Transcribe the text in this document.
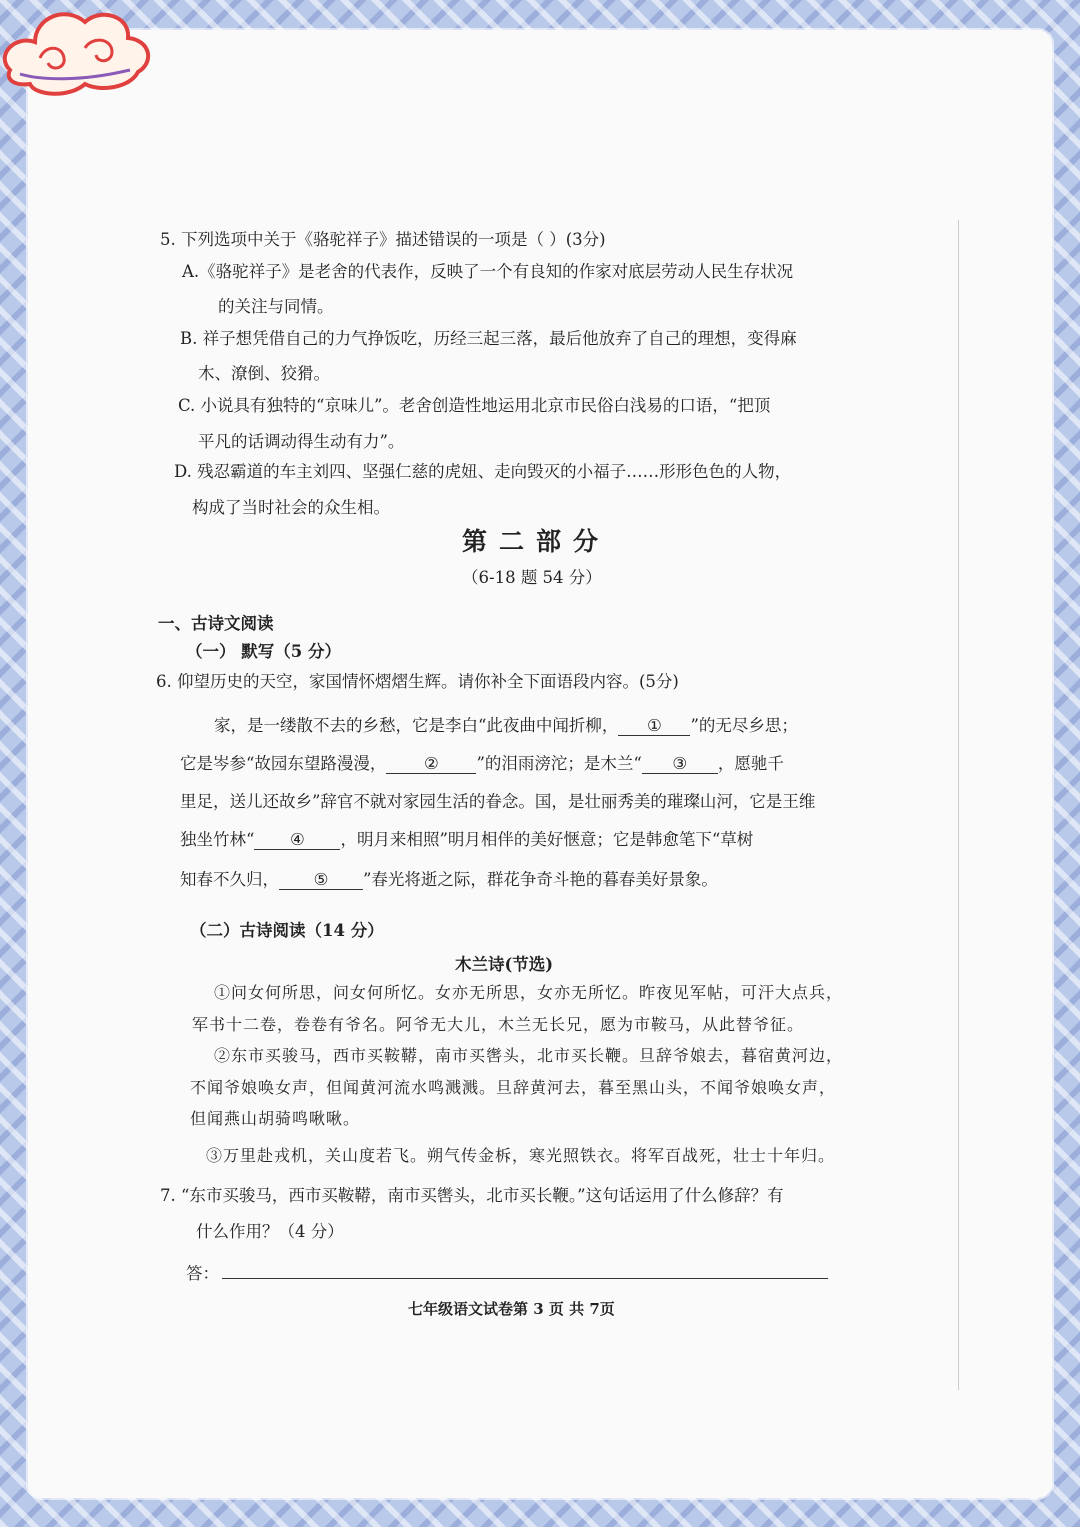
5. 下列选项中关于《骆驼祥子》描述错误的一项是（ ）(3分)
A.《骆驼祥子》是老舍的代表作，反映了一个有良知的作家对底层劳动人民生存状况
的关注与同情。
B. 祥子想凭借自己的力气挣饭吃，历经三起三落，最后他放弃了自己的理想，变得麻
木、潦倒、狡猾。
C. 小说具有独特的“京味儿”。老舍创造性地运用北京市民俗白浅易的口语，“把顶
平凡的话调动得生动有力”。
D. 残忍霸道的车主刘四、坚强仁慈的虎妞、走向毁灭的小福子……形形色色的人物，
构成了当时社会的众生相。
第二部分
（6-18 题 54 分）
一、古诗文阅读
（一） 默写（5 分）
6. 仰望历史的天空，家国情怀熠熠生辉。请你补全下面语段内容。(5分)
家，是一缕散不去的乡愁，它是李白“此夜曲中闻折柳， ① ”的无尽乡思；
它是岑参“故园东望路漫漫， ② ”的泪雨滂沱；是木兰“ ③ ，愿驰千
里足，送儿还故乡”辞官不就对家园生活的眷念。国，是壮丽秀美的璀璨山河，它是王维
独坐竹林“ ④ ，明月来相照”明月相伴的美好惬意；它是韩愈笔下“草树
知春不久归， ⑤ ”春光将逝之际，群花争奇斗艳的暮春美好景象。
（二）古诗阅读（14 分）
木兰诗(节选)
①问女何所思，问女何所忆。女亦无所思，女亦无所忆。昨夜见军帖，可汗大点兵，
军书十二卷，卷卷有爷名。阿爷无大儿，木兰无长兄，愿为市鞍马，从此替爷征。
②东市买骏马，西市买鞍鞯，南市买辔头，北市买长鞭。旦辞爷娘去，暮宿黄河边，
不闻爷娘唤女声，但闻黄河流水鸣溅溅。旦辞黄河去，暮至黑山头，不闻爷娘唤女声，
但闻燕山胡骑鸣啾啾。
③万里赴戎机，关山度若飞。朔气传金柝，寒光照铁衣。将军百战死，壮士十年归。
7. “东市买骏马，西市买鞍鞯，南市买辔头，北市买长鞭。”这句话运用了什么修辞？有
什么作用？（4 分）
答：
七年级语文试卷第 3 页 共 7页
